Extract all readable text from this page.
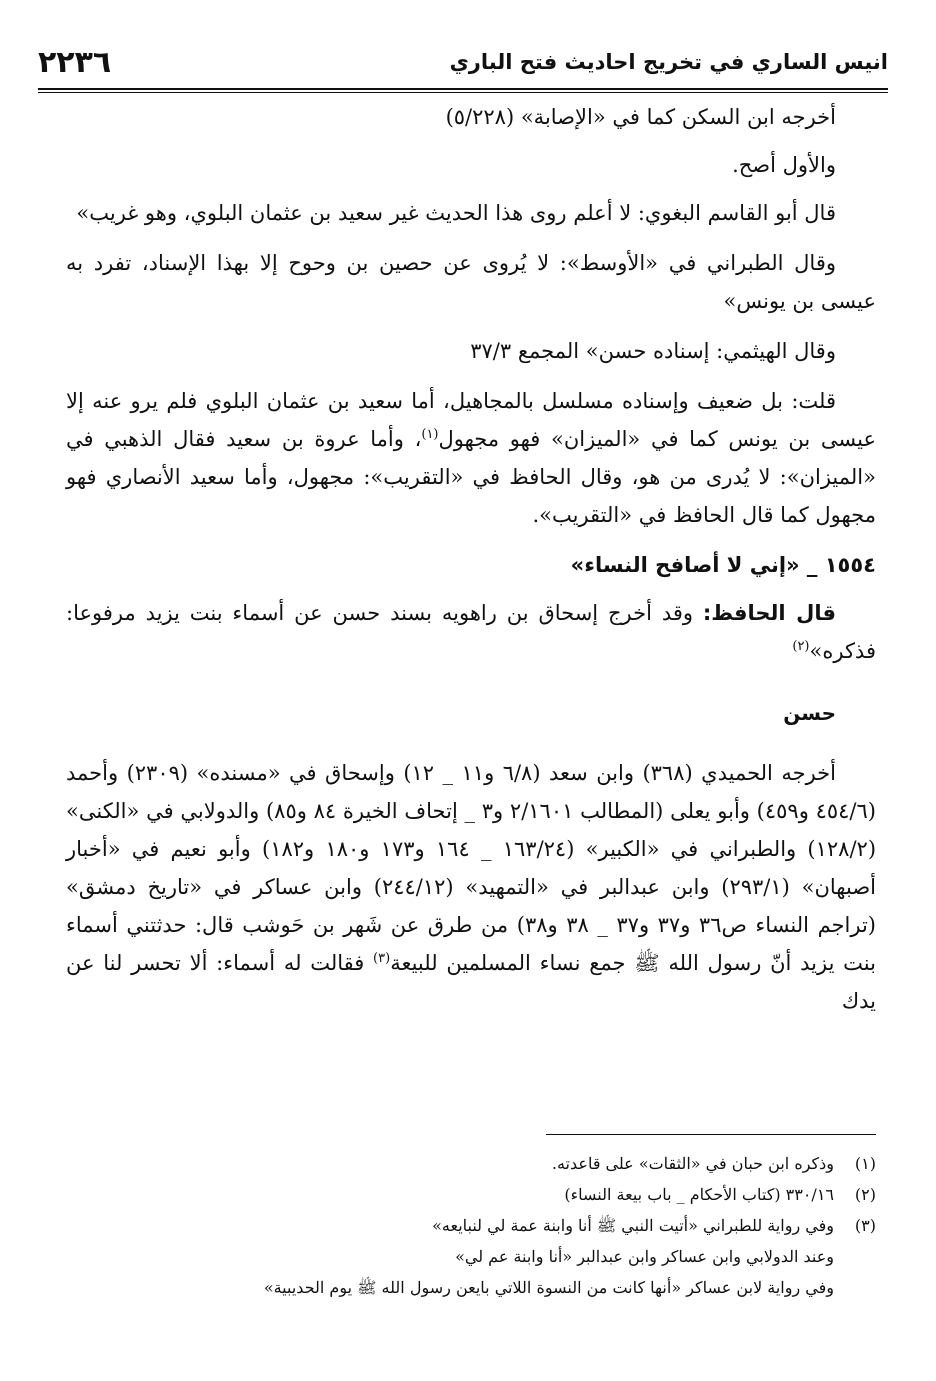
انيس الساري في تخريج احاديث فتح الباري
٢٢٣٦

أخرجه ابن السكن كما في «الإصابة» (٥/٢٢٨)

والأول أصح.

قال أبو القاسم البغوي: لا أعلم روى هذا الحديث غير سعيد بن عثمان البلوي، وهو غريب»

وقال الطبراني في «الأوسط»: لا يُروى عن حصين بن وحوح إلا بهذا الإسناد، تفرد به عيسى بن يونس»

وقال الهيثمي: إسناده حسن» المجمع ٣٧/٣

قلت: بل ضعيف وإسناده مسلسل بالمجاهيل، أما سعيد بن عثمان البلوي فلم يرو عنه إلا عيسى بن يونس كما في «الميزان» فهو مجهول$^{(١)}$، وأما عروة بن سعيد فقال الذهبي في «الميزان»: لا يُدرى من هو، وقال الحافظ في «التقريب»: مجهول، وأما سعيد الأنصاري فهو مجهول كما قال الحافظ في «التقريب».

١٥٥٤ _ «إني لا أصافح النساء»

قال الحافظ: وقد أخرج إسحاق بن راهويه بسند حسن عن أسماء بنت يزيد مرفوعا: فذكره»$^{(٢)}$

حسن

أخرجه الحميدي (٣٦٨) وابن سعد (٦/٨ و١١ _ ١٢) وإسحاق في «مسنده» (٢٣٠٩) وأحمد (٤٥٤/٦ و٤٥٩) وأبو يعلى (المطالب ٢/١٦٠١ و٣ _ إتحاف الخيرة ٨٤ و٨٥) والدولابي في «الكنى» (١٢٨/٢) والطبراني في «الكبير» (١٦٣/٢٤ _ ١٦٤ و١٧٣ و١٨٠ و١٨٢) وأبو نعيم في «أخبار أصبهان» (٢٩٣/١) وابن عبدالبر في «التمهيد» (٢٤٤/١٢) وابن عساكر في «تاريخ دمشق» (تراجم النساء ص٣٦ و٣٧ و٣٧ _ ٣٨ و٣٨) من طرق عن شَهر بن حَوشب قال: حدثتني أسماء بنت يزيد أنّ رسول الله ﷺ جمع نساء المسلمين للبيعة$^{(٣)}$ فقالت له أسماء: ألا تحسر لنا عن يدك

(١)
وذكره ابن حبان في «الثقات» على قاعدته.
(٢)
٣٣٠/١٦ (كتاب الأحكام _ باب بيعة النساء)
(٣)
وفي رواية للطبراني «أتيت النبي ﷺ أنا وابنة عمة لي لنبايعه»
وعند الدولابي وابن عساكر وابن عبدالبر «أنا وابنة عم لي»
وفي رواية لابن عساكر «أنها كانت من النسوة اللاتي بايعن رسول الله ﷺ يوم الحديبية»
